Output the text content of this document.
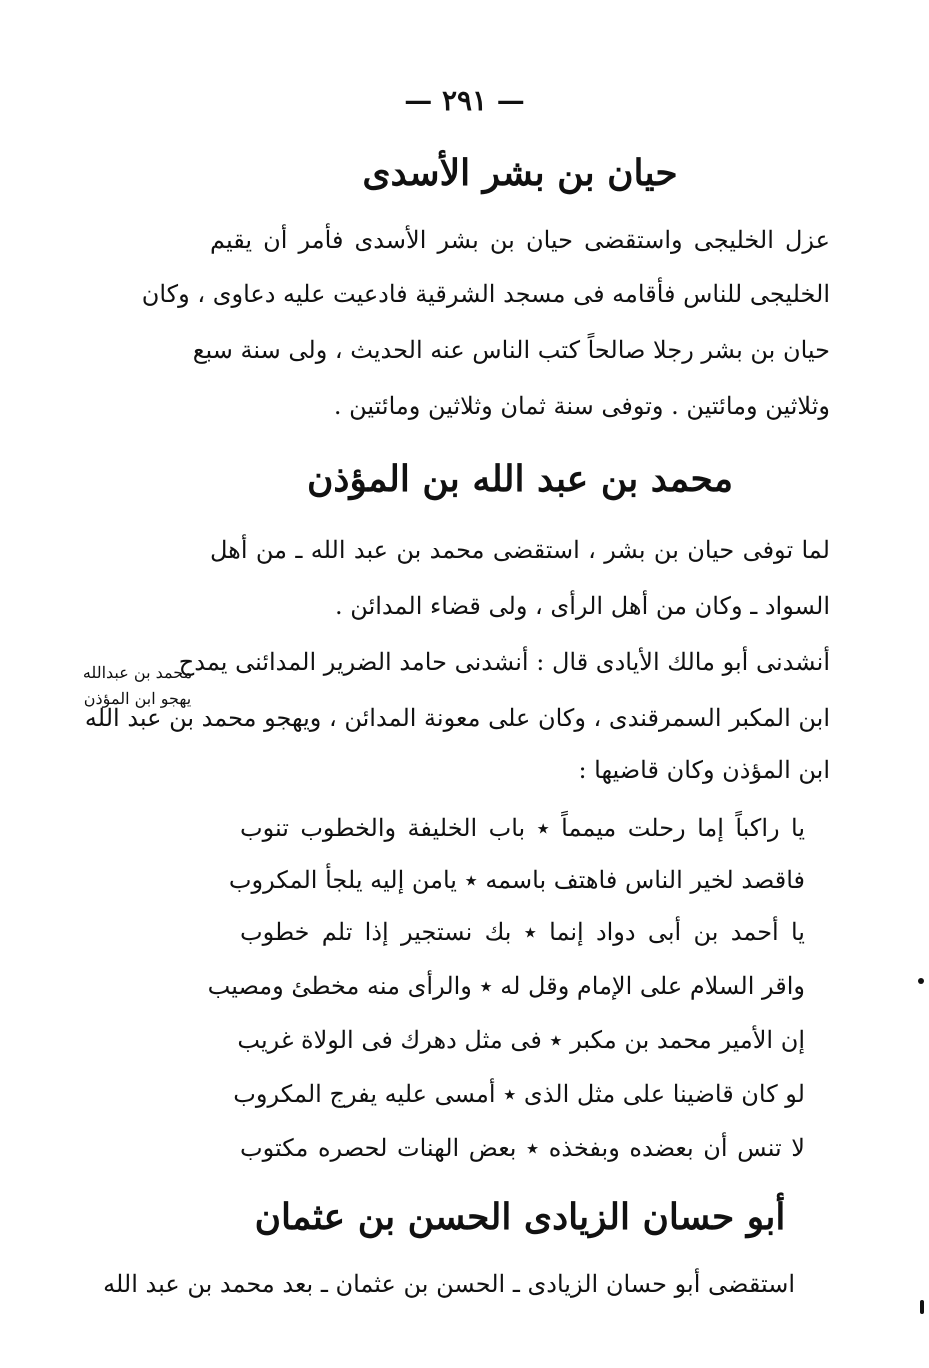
— ٢٩١ —
حيان بن بشر الأسدى
عزل الخليجى واستقضى حيان بن بشر الأسدى فأمر أن يقيم
الخليجى للناس فأقامه فى مسجد الشرقية فادعيت عليه دعاوى ، وكان
حيان بن بشر رجلا صالحاً كتب الناس عنه الحديث ، ولى سنة سبع
وثلاثين ومائتين . وتوفى سنة ثمان وثلاثين ومائتين .
محمد بن عبد الله بن المؤذن
لما توفى حيان بن بشر ، استقضى محمد بن عبد الله ـ من أهل
السواد ـ وكان من أهل الرأى ، ولى قضاء المدائن .
أنشدنى أبو مالك الأيادى قال : أنشدنى حامد الضرير المدائنى يمدح
ابن المكبر السمرقندى ، وكان على معونة المدائن ، ويهجو محمد بن عبد الله
ابن المؤذن وكان قاضيها :
محمد بن عبدالله
يهجو ابن المؤذن
يا راكباً إما رحلت ميمماً ٭ باب الخليفة والخطوب تنوب
فاقصد لخير الناس فاهتف باسمه ٭ يامن إليه يلجأ المكروب
يا أحمد بن أبى دواد إنما ٭ بك نستجير إذا تلم خطوب
واقر السلام على الإمام وقل له ٭ والرأى منه مخطئ ومصيب
إن الأمير محمد بن مكبر ٭ فى مثل دهرك فى الولاة غريب
لو كان قاضينا على مثل الذى ٭ أمسى عليه يفرج المكروب
لا تنس أن بعضده وبفخذه ٭ بعض الهنات لحصره مكتوب
أبو حسان الزيادى الحسن بن عثمان
استقضى أبو حسان الزيادى ـ الحسن بن عثمان ـ بعد محمد بن عبد الله
